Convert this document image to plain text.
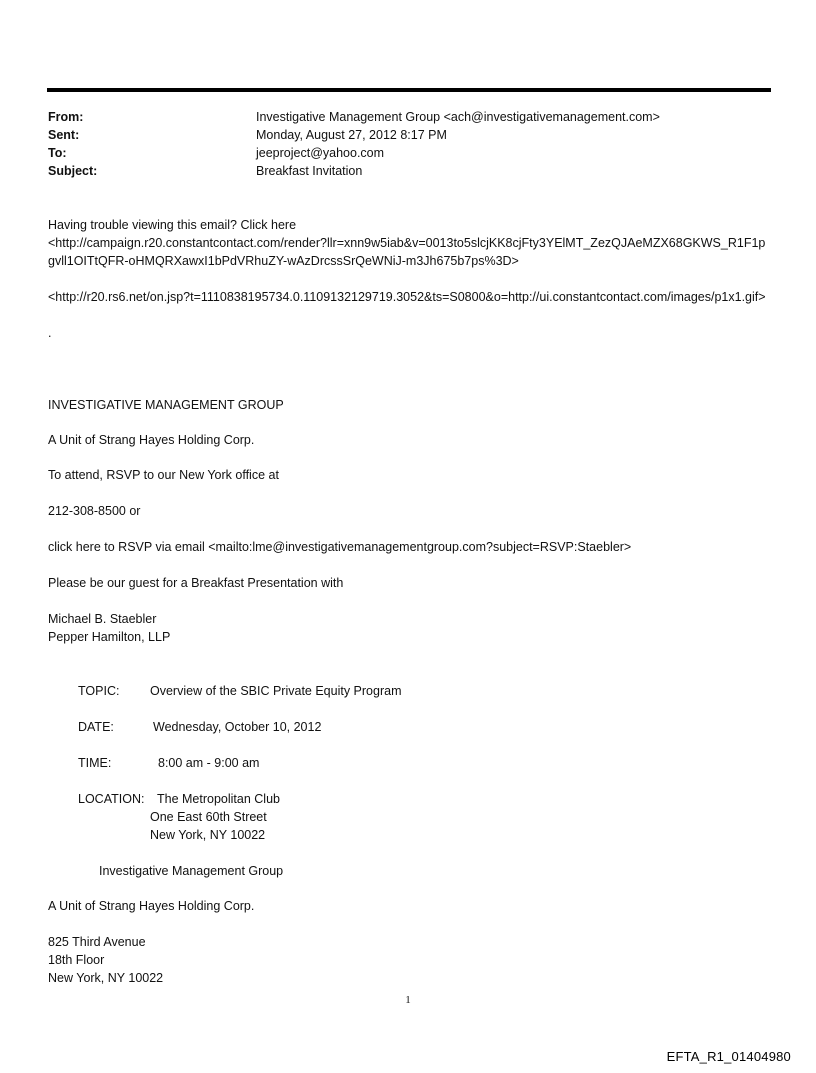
From:	Investigative Management Group <ach@investigativemanagement.com>
Sent:	Monday, August 27, 2012 8:17 PM
To:	jeeproject@yahoo.com
Subject:	Breakfast Invitation
Having trouble viewing this email? Click here
<http://campaign.r20.constantcontact.com/render?llr=xnn9w5iab&v=0013to5slcjKK8cjFty3YElMT_ZezQJAeMZX68GKWS_R1F1pgvll1OITtQFR-oHMQRXawxI1bPdVRhuZY-wAzDrcssSrQeWNiJ-m3Jh675b7ps%3D>
<http://r20.rs6.net/on.jsp?t=1110838195734.0.1109132129719.3052&ts=S0800&o=http://ui.constantcontact.com/images/p1x1.gif>
.
INVESTIGATIVE MANAGEMENT GROUP
A Unit of Strang Hayes Holding Corp.
To attend, RSVP to our New York office at
212-308-8500 or
click here to RSVP via email <mailto:lme@investigativemanagementgroup.com?subject=RSVP:Staebler>
Please be our guest for a Breakfast Presentation with
Michael B. Staebler
Pepper Hamilton, LLP
TOPIC: Overview of the SBIC Private Equity Program
DATE:	Wednesday, October 10, 2012
TIME:	8:00 am - 9:00 am
LOCATION: The Metropolitan Club
One East 60th Street
New York, NY 10022
Investigative Management Group
A Unit of Strang Hayes Holding Corp.
825 Third Avenue
18th Floor
New York, NY 10022
1
EFTA_R1_01404980
